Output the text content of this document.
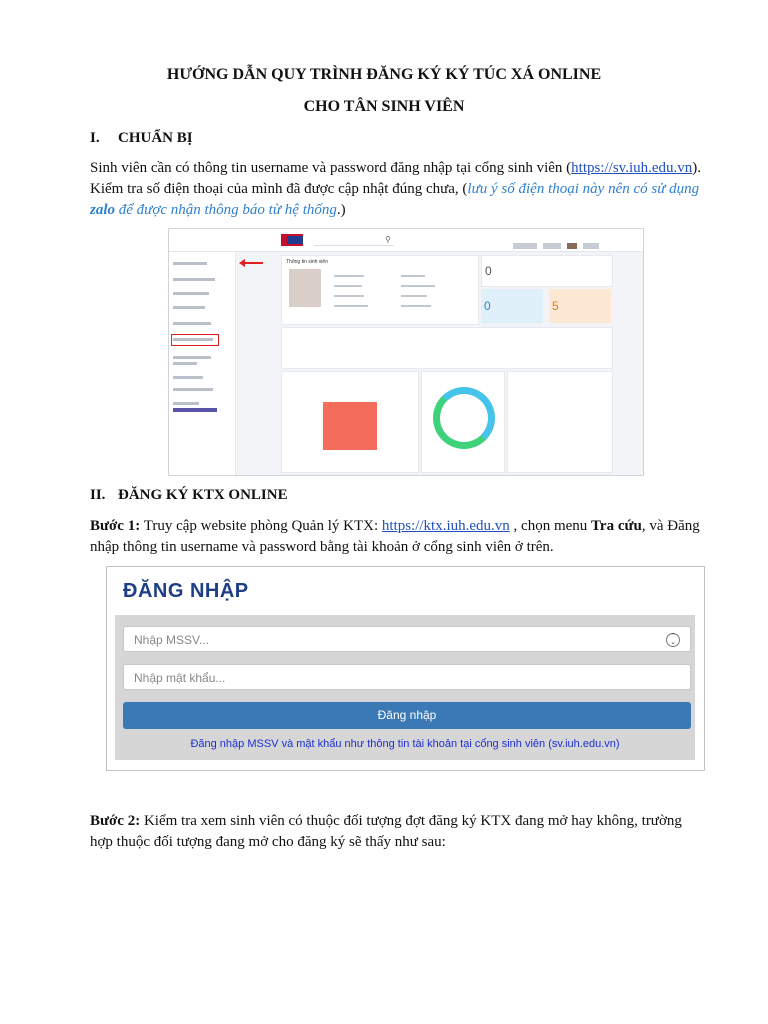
HƯỚNG DẪN QUY TRÌNH ĐĂNG KÝ KÝ TÚC XÁ ONLINE
CHO TÂN SINH VIÊN
I. CHUẨN BỊ
Sinh viên cần có thông tin username và password đăng nhập tại cổng sinh viên (https://sv.iuh.edu.vn). Kiểm tra số điện thoại của mình đã được cập nhật đúng chưa, (lưu ý số điện thoại này nên có sử dụng zalo để được nhận thông báo từ hệ thống.)
⚲
Thông tin sinh viên
0
0	5
II. ĐĂNG KÝ KTX ONLINE
Bước 1: Truy cập website phòng Quản lý KTX: https://ktx.iuh.edu.vn , chọn menu Tra cứu, và Đăng nhập thông tin username và password bằng tài khoản ở cổng sinh viên ở trên.
ĐĂNG NHẬP
Nhập MSSV...	⌃
⌄
Nhập mật khẩu...
Đăng nhập
Đăng nhập MSSV và mật khẩu như thông tin tài khoản tại cổng sinh viên (sv.iuh.edu.vn)
Bước 2: Kiểm tra xem sinh viên có thuộc đối tượng đợt đăng ký KTX đang mở hay không, trường hợp thuộc đối tượng đang mở cho đăng ký sẽ thấy như sau:
